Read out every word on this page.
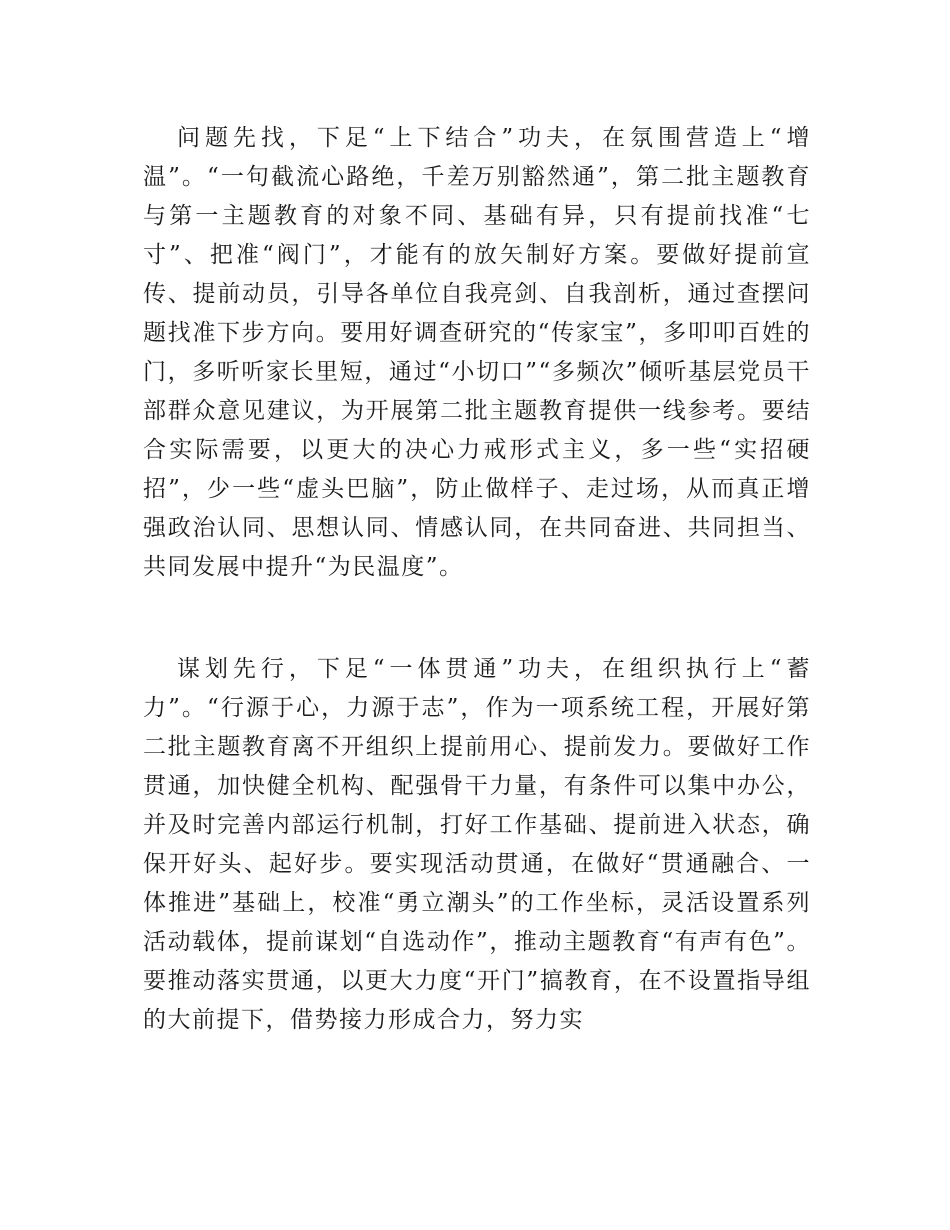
问题先找，下足“上下结合”功夫，在氛围营造上“增温”。“一句截流心路绝，千差万别豁然通”，第二批主题教育与第一主题教育的对象不同、基础有异，只有提前找准“七寸”、把准“阀门”，才能有的放矢制好方案。要做好提前宣传、提前动员，引导各单位自我亮剑、自我剖析，通过查摆问题找准下步方向。要用好调查研究的“传家宝”，多叩叩百姓的门，多听听家长里短，通过“小切口”“多频次”倾听基层党员干部群众意见建议，为开展第二批主题教育提供一线参考。要结合实际需要，以更大的决心力戒形式主义，多一些“实招硬招”，少一些“虚头巴脑”，防止做样子、走过场，从而真正增强政治认同、思想认同、情感认同，在共同奋进、共同担当、共同发展中提升“为民温度”。

谋划先行，下足“一体贯通”功夫，在组织执行上“蓄力”。“行源于心，力源于志”，作为一项系统工程，开展好第二批主题教育离不开组织上提前用心、提前发力。要做好工作贯通，加快健全机构、配强骨干力量，有条件可以集中办公，并及时完善内部运行机制，打好工作基础、提前进入状态，确保开好头、起好步。要实现活动贯通，在做好“贯通融合、一体推进”基础上，校准“勇立潮头”的工作坐标，灵活设置系列活动载体，提前谋划“自选动作”，推动主题教育“有声有色”。要推动落实贯通，以更大力度“开门”搞教育，在不设置指导组的大前提下，借势接力形成合力，努力实
